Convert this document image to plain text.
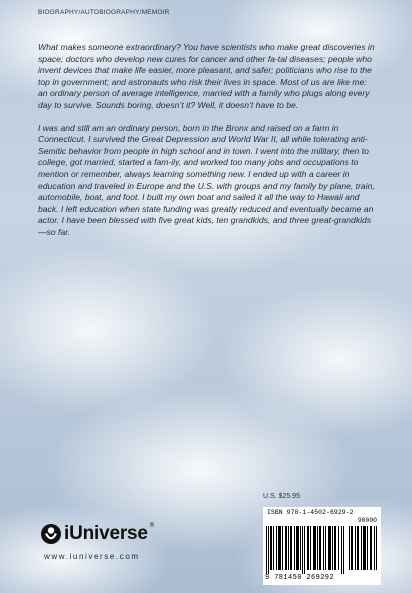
BIOGRAPHY/AUTOBIOGRAPHY/MEMOIR

What makes someone extraordinary? You have scientists who make great discoveries in space; doctors who develop new cures for cancer and other fa-tal diseases; people who invent devices that make life easier, more pleasant, and safer; politicians who rise to the top in government; and astronauts who risk their lives in space. Most of us are like me: an ordinary person of average intelligence, married with a family who plugs along every day to survive. Sounds boring, doesn’t it? Well, it doesn’t have to be.

I was and still am an ordinary person, born in the Bronx and raised on a farm in Connecticut. I survived the Great Depression and World War II, all while tolerating anti-Semitic behavior from people in high school and in town. I went into the military, then to college, got married, started a fam-ily, and worked too many jobs and occupations to mention or remember, always learning something new. I ended up with a career in education and traveled in Europe and the U.S. with groups and my family by plane, train, automobile, boat, and foot. I built my own boat and sailed it all the way to Hawaii and back. I left education when state funding was greatly reduced and eventually became an actor. I have been blessed with five great kids, ten grandkids, and three great-grandkids—so far.

U.S. $25.95
ISBN 978-1-4502-6929-2
90000
9 781450 269292
iUniverse ®
www.iuniverse.com
